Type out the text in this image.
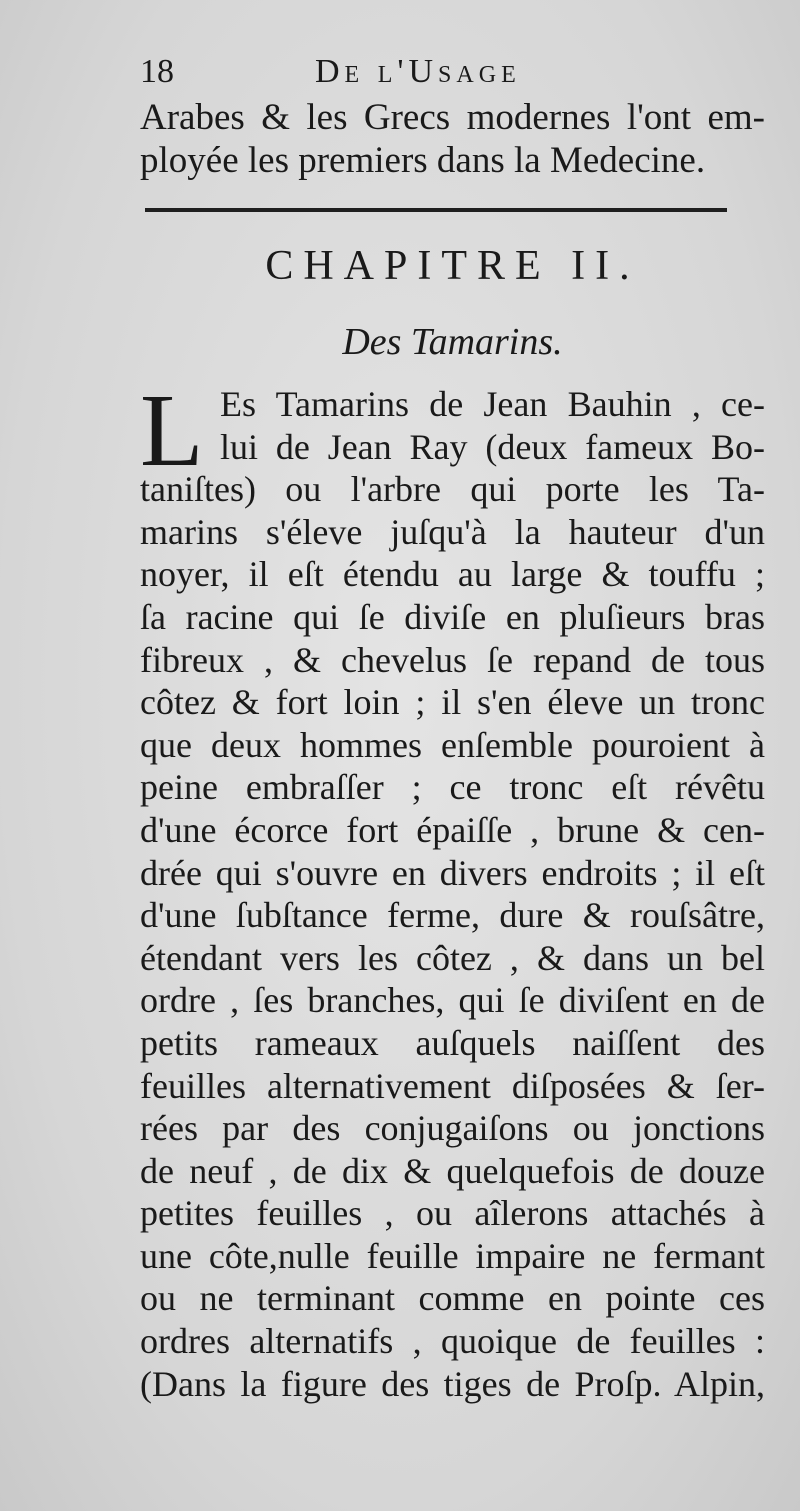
18	De l'Usage
Arabes & les Grecs modernes l'ont em-
ployée les premiers dans la Medecine.
CHAPITRE II.
Des Tamarins.
L Es Tamarins de Jean Bauhin , ce-
lui de Jean Ray (deux fameux Bo-
taniſtes) ou l'arbre qui porte les Ta-
marins s'éleve juſqu'à la hauteur d'un
noyer, il eſt étendu au large & touffu ;
ſa racine qui ſe diviſe en pluſieurs bras
fibreux , & chevelus ſe repand de tous
côtez & fort loin ; il s'en éleve un tronc
que deux hommes enſemble pouroient à
peine embraſſer ; ce tronc eſt révêtu
d'une écorce fort épaiſſe , brune & cen-
drée qui s'ouvre en divers endroits ; il eſt
d'une ſubſtance ferme, dure & rouſsâtre,
étendant vers les côtez , & dans un bel
ordre , ſes branches, qui ſe diviſent en de
petits rameaux auſquels naiſſent des
feuilles alternativement diſposées & ſer-
rées par des conjugaiſons ou jonctions
de neuf , de dix & quelquefois de douze
petites feuilles , ou aîlerons attachés à
une côte,nulle feuille impaire ne fermant
ou ne terminant comme en pointe ces
ordres alternatifs , quoique de feuilles :
(Dans la figure des tiges de Proſp. Alpin,
